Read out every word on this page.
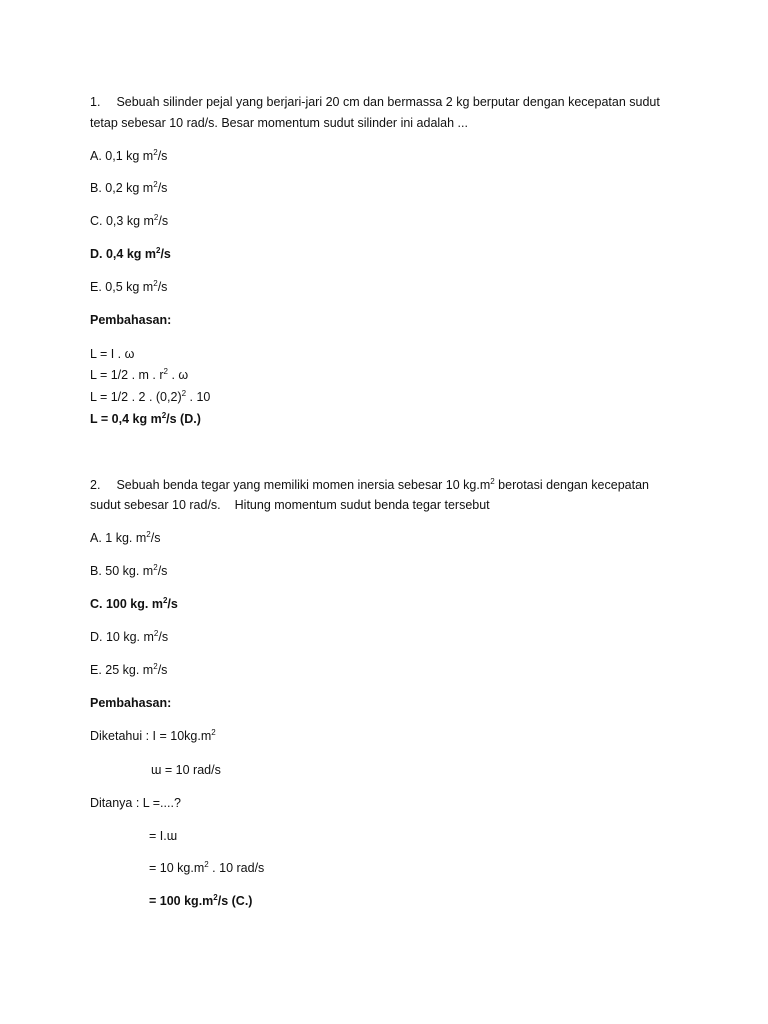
1. Sebuah silinder pejal yang berjari-jari 20 cm dan bermassa 2 kg berputar dengan kecepatan sudut
tetap sebesar 10 rad/s. Besar momentum sudut silinder ini adalah ...
A. 0,1 kg $m^2/s$
B. 0,2 kg $m^2/s$
C. 0,3 kg $m^2/s$
D. 0,4 kg $m^2/s$
E. 0,5 kg $m^2/s$
Pembahasan:
L = I . ω
L = 1/2 . m . $r^2$ . ω
L = 1/2 . 2 . $(0,2)^2$ . 10
L = 0,4 kg $m^2/s$ (D.)
2. Sebuah benda tegar yang memiliki momen inersia sebesar 10 $kg.m^2$ berotasi dengan kecepatan
sudut sebesar 10 rad/s. Hitung momentum sudut benda tegar tersebut
A. 1 kg. $m^2/s$
B. 50 kg. $m^2/s$
C. 100 kg. $m^2/s$
D. 10 kg. $m^2/s$
E. 25 kg. $m^2/s$
Pembahasan:
Diketahui : $I = 10kg.m^2$
ɯ = 10 rad/s
Ditanya : L =....?
= I.ɯ
= 10 $kg.m^2$ . 10 rad/s
= 100 $kg.m^2/s$ (C.)
